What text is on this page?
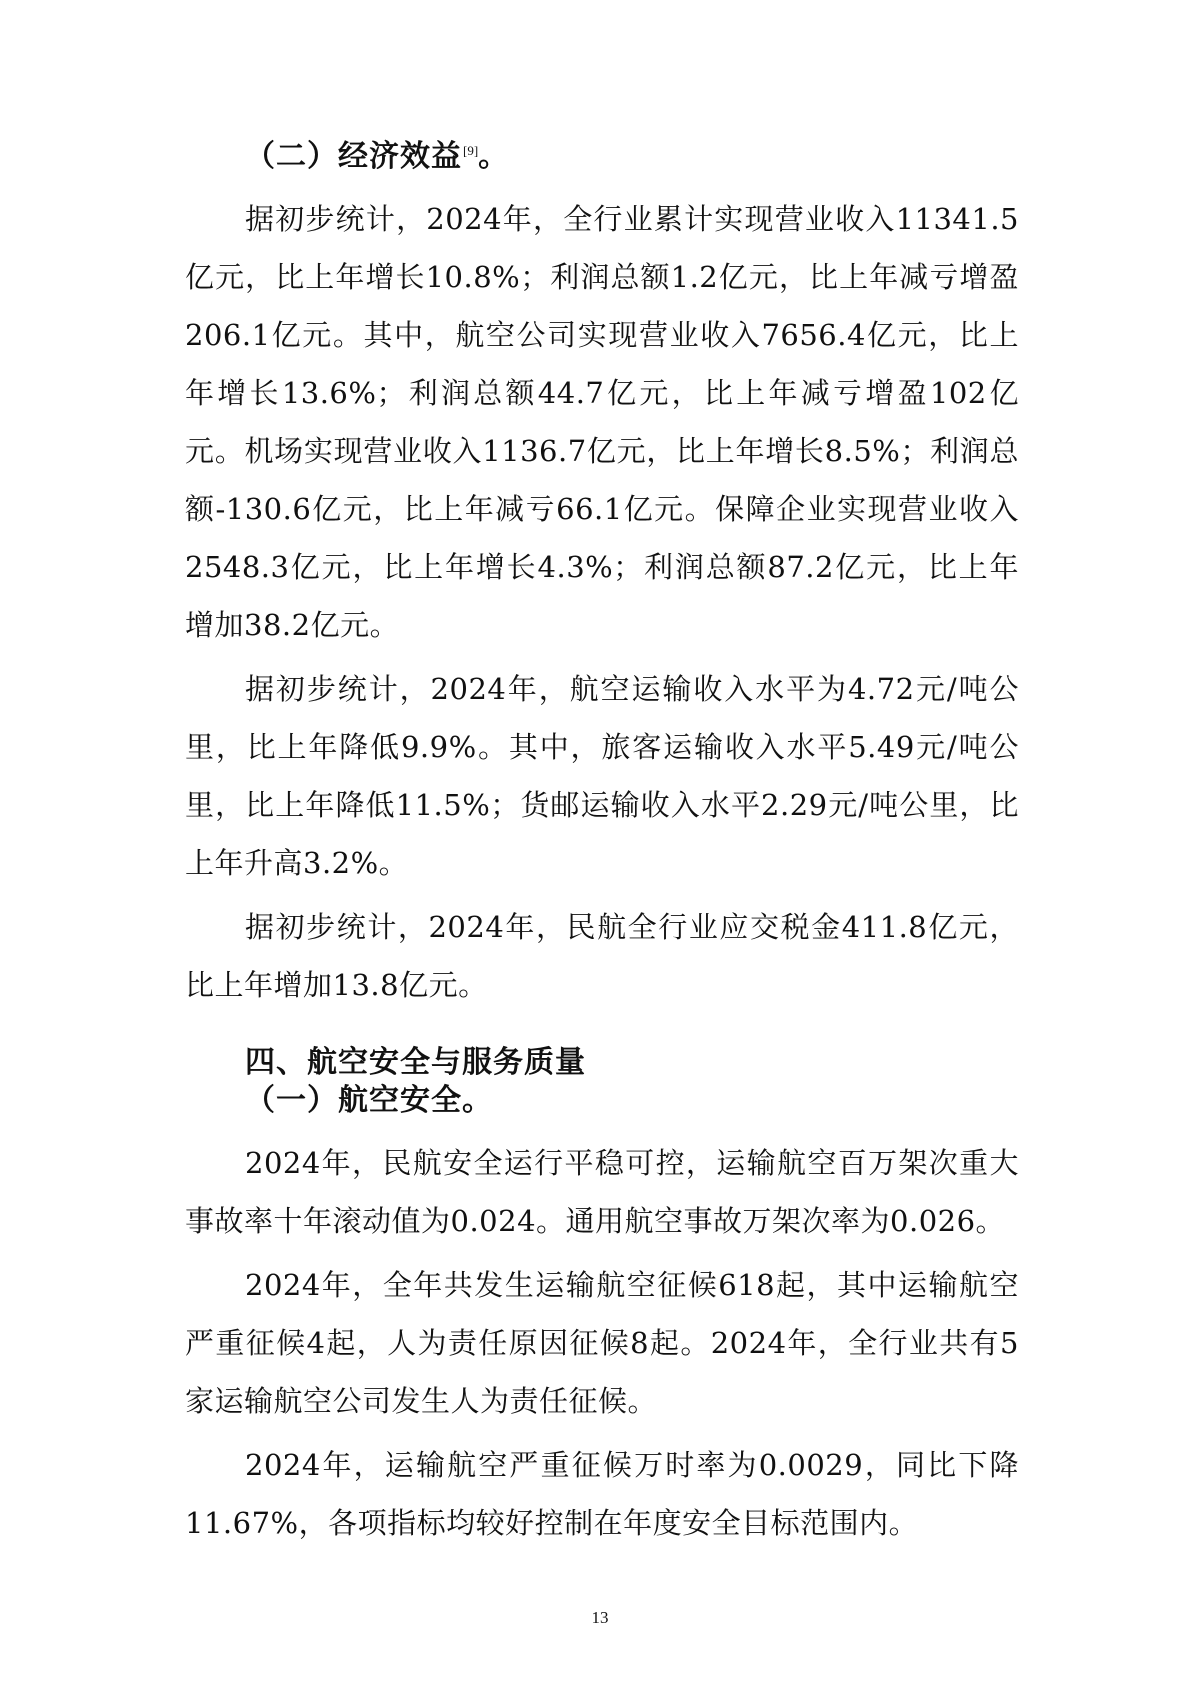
（二）经济效益[9]。

据初步统计，2024年，全行业累计实现营业收入11341.5亿元，比上年增长10.8%；利润总额1.2亿元，比上年减亏增盈206.1亿元。其中，航空公司实现营业收入7656.4亿元，比上年增长13.6%；利润总额44.7亿元，比上年减亏增盈102亿元。机场实现营业收入1136.7亿元，比上年增长8.5%；利润总额-130.6亿元，比上年减亏66.1亿元。保障企业实现营业收入2548.3亿元，比上年增长4.3%；利润总额87.2亿元，比上年增加38.2亿元。

据初步统计，2024年，航空运输收入水平为4.72元/吨公里，比上年降低9.9%。其中，旅客运输收入水平5.49元/吨公里，比上年降低11.5%；货邮运输收入水平2.29元/吨公里，比上年升高3.2%。

据初步统计，2024年，民航全行业应交税金411.8亿元，比上年增加13.8亿元。

四、航空安全与服务质量
（一）航空安全。

2024年，民航安全运行平稳可控，运输航空百万架次重大事故率十年滚动值为0.024。通用航空事故万架次率为0.026。

2024年，全年共发生运输航空征候618起，其中运输航空严重征候4起，人为责任原因征候8起。2024年，全行业共有5家运输航空公司发生人为责任征候。

2024年，运输航空严重征候万时率为0.0029，同比下降11.67%，各项指标均较好控制在年度安全目标范围内。

13
